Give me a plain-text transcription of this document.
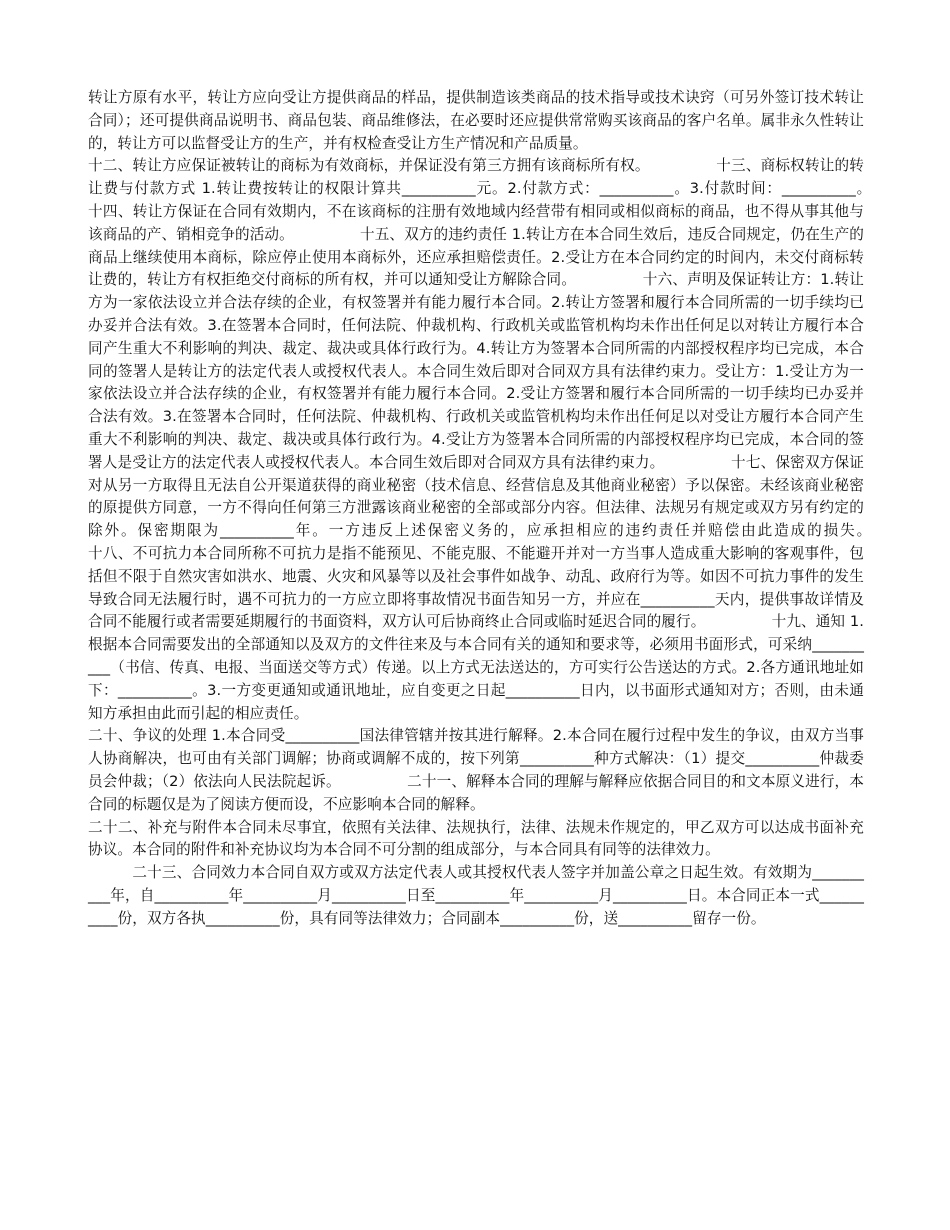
转让方原有水平，转让方应向受让方提供商品的样品，提供制造该类商品的技术指导或技术诀窍（可另外签订技术转让合同）；还可提供商品说明书、商品包装、商品维修法，在必要时还应提供常常购买该商品的客户名单。属非永久性转让的，转让方可以监督受让方的生产，并有权检查受让方生产情况和产品质量。

十二、转让方应保证被转让的商标为有效商标，并保证没有第三方拥有该商标所有权。　　　　　十三、商标权转让的转让费与付款方式 1.转让费按转让的权限计算共__________元。2.付款方式：__________。3.付款时间：__________。　　　　　十四、转让方保证在合同有效期内，不在该商标的注册有效地域内经营带有相同或相似商标的商品，也不得从事其他与该商品的产、销相竞争的活动。　　　　　十五、双方的违约责任 1.转让方在本合同生效后，违反合同规定，仍在生产的商品上继续使用本商标，除应停止使用本商标外，还应承担赔偿责任。2.受让方在本合同约定的时间内，未交付商标转让费的，转让方有权拒绝交付商标的所有权，并可以通知受让方解除合同。　　　　　十六、声明及保证转让方：1.转让方为一家依法设立并合法存续的企业，有权签署并有能力履行本合同。2.转让方签署和履行本合同所需的一切手续均已办妥并合法有效。3.在签署本合同时，任何法院、仲裁机构、行政机关或监管机构均未作出任何足以对转让方履行本合同产生重大不利影响的判决、裁定、裁决或具体行政行为。4.转让方为签署本合同所需的内部授权程序均已完成，本合同的签署人是转让方的法定代表人或授权代表人。本合同生效后即对合同双方具有法律约束力。受让方：1.受让方为一家依法设立并合法存续的企业，有权签署并有能力履行本合同。2.受让方签署和履行本合同所需的一切手续均已办妥并合法有效。3.在签署本合同时，任何法院、仲裁机构、行政机关或监管机构均未作出任何足以对受让方履行本合同产生重大不利影响的判决、裁定、裁决或具体行政行为。4.受让方为签署本合同所需的内部授权程序均已完成，本合同的签署人是受让方的法定代表人或授权代表人。本合同生效后即对合同双方具有法律约束力。　　　　　十七、保密双方保证对从另一方取得且无法自公开渠道获得的商业秘密（技术信息、经营信息及其他商业秘密）予以保密。未经该商业秘密的原提供方同意，一方不得向任何第三方泄露该商业秘密的全部或部分内容。但法律、法规另有规定或双方另有约定的除外。保密期限为__________年。一方违反上述保密义务的，应承担相应的违约责任并赔偿由此造成的损失。　　　　　十八、不可抗力本合同所称不可抗力是指不能预见、不能克服、不能避开并对一方当事人造成重大影响的客观事件，包括但不限于自然灾害如洪水、地震、火灾和风暴等以及社会事件如战争、动乱、政府行为等。如因不可抗力事件的发生导致合同无法履行时，遇不可抗力的一方应立即将事故情况书面告知另一方，并应在__________天内，提供事故详情及合同不能履行或者需要延期履行的书面资料，双方认可后协商终止合同或临时延迟合同的履行。　　　　　十九、通知 1.根据本合同需要发出的全部通知以及双方的文件往来及与本合同有关的通知和要求等，必须用书面形式，可采纳__________（书信、传真、电报、当面送交等方式）传递。以上方式无法送达的，方可实行公告送达的方式。2.各方通讯地址如下：__________。3.一方变更通知或通讯地址，应自变更之日起__________日内，以书面形式通知对方；否则，由未通知方承担由此而引起的相应责任。

二十、争议的处理 1.本合同受__________国法律管辖并按其进行解释。2.本合同在履行过程中发生的争议，由双方当事人协商解决，也可由有关部门调解；协商或调解不成的，按下列第__________种方式解决：（1）提交__________仲裁委员会仲裁；（2）依法向人民法院起诉。　　　　　二十一、解释本合同的理解与解释应依据合同目的和文本原义进行，本合同的标题仅是为了阅读方便而设，不应影响本合同的解释。

二十二、补充与附件本合同未尽事宜，依照有关法律、法规执行，法律、法规未作规定的，甲乙双方可以达成书面补充协议。本合同的附件和补充协议均为本合同不可分割的组成部分，与本合同具有同等的法律效力。

　　　二十三、合同效力本合同自双方或双方法定代表人或其授权代表人签字并加盖公章之日起生效。有效期为__________年，自__________年__________月__________日至__________年__________月__________日。本合同正本一式__________份，双方各执__________份，具有同等法律效力；合同副本__________份，送__________留存一份。
